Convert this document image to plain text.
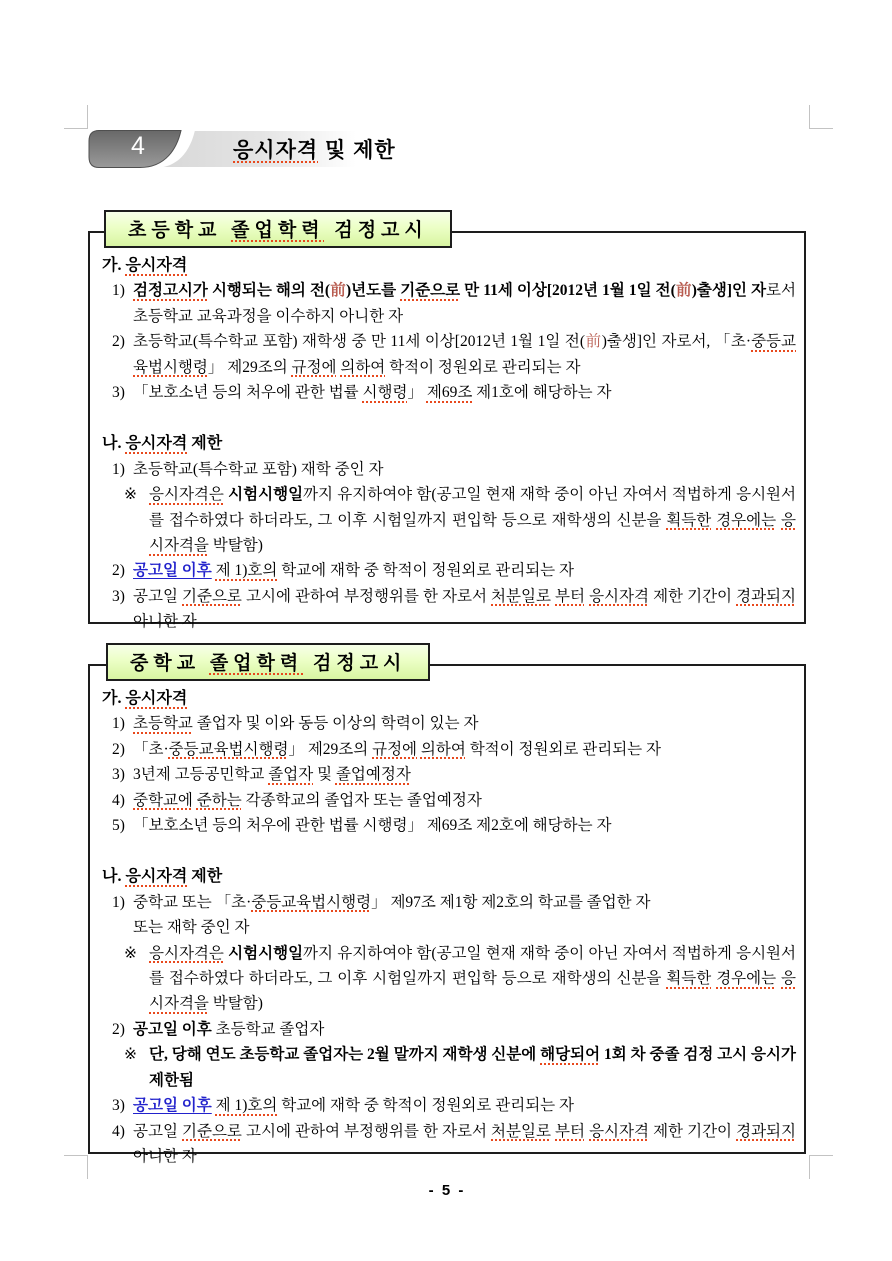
4	응시자격 및 제한
초등학교 졸업학력 검정고시
가. 응시자격
1) 검정고시가 시행되는 해의 전(前)년도를 기준으로 만 11세 이상[2012년 1월 1일 전(前)출생]인 자로서 초등학교 교육과정을 이수하지 아니한 자
2) 초등학교(특수학교 포함) 재학생 중 만 11세 이상[2012년 1월 1일 전(前)출생]인 자로서, 「초·중등교육법시행령」 제29조의 규정에 의하여 학적이 정원외로 관리되는 자
3) 「보호소년 등의 처우에 관한 법률 시행령」 제69조 제1호에 해당하는 자
나. 응시자격 제한
1) 초등학교(특수학교 포함) 재학 중인 자
※ 응시자격은 시험시행일까지 유지하여야 함(공고일 현재 재학 중이 아닌 자여서 적법하게 응시원서를 접수하였다 하더라도, 그 이후 시험일까지 편입학 등으로 재학생의 신분을 획득한 경우에는 응시자격을 박탈함)
2) 공고일 이후 제 1)호의 학교에 재학 중 학적이 정원외로 관리되는 자
3) 공고일 기준으로 고시에 관하여 부정행위를 한 자로서 처분일로 부터 응시자격 제한 기간이 경과되지 아니한 자
중학교 졸업학력 검정고시
가. 응시자격
1) 초등학교 졸업자 및 이와 동등 이상의 학력이 있는 자
2) 「초·중등교육법시행령」 제29조의 규정에 의하여 학적이 정원외로 관리되는 자
3) 3년제 고등공민학교 졸업자 및 졸업예정자
4) 중학교에 준하는 각종학교의 졸업자 또는 졸업예정자
5) 「보호소년 등의 처우에 관한 법률 시행령」 제69조 제2호에 해당하는 자
나. 응시자격 제한
1) 중학교 또는 「초·중등교육법시행령」 제97조 제1항 제2호의 학교를 졸업한 자
또는 재학 중인 자
※ 응시자격은 시험시행일까지 유지하여야 함(공고일 현재 재학 중이 아닌 자여서 적법하게 응시원서를 접수하였다 하더라도, 그 이후 시험일까지 편입학 등으로 재학생의 신분을 획득한 경우에는 응시자격을 박탈함)
2) 공고일 이후 초등학교 졸업자
※ 단, 당해 연도 초등학교 졸업자는 2월 말까지 재학생 신분에 해당되어 1회 차 중졸 검정 고시 응시가 제한됨
3) 공고일 이후 제 1)호의 학교에 재학 중 학적이 정원외로 관리되는 자
4) 공고일 기준으로 고시에 관하여 부정행위를 한 자로서 처분일로 부터 응시자격 제한 기간이 경과되지 아니한 자
- 5 -
